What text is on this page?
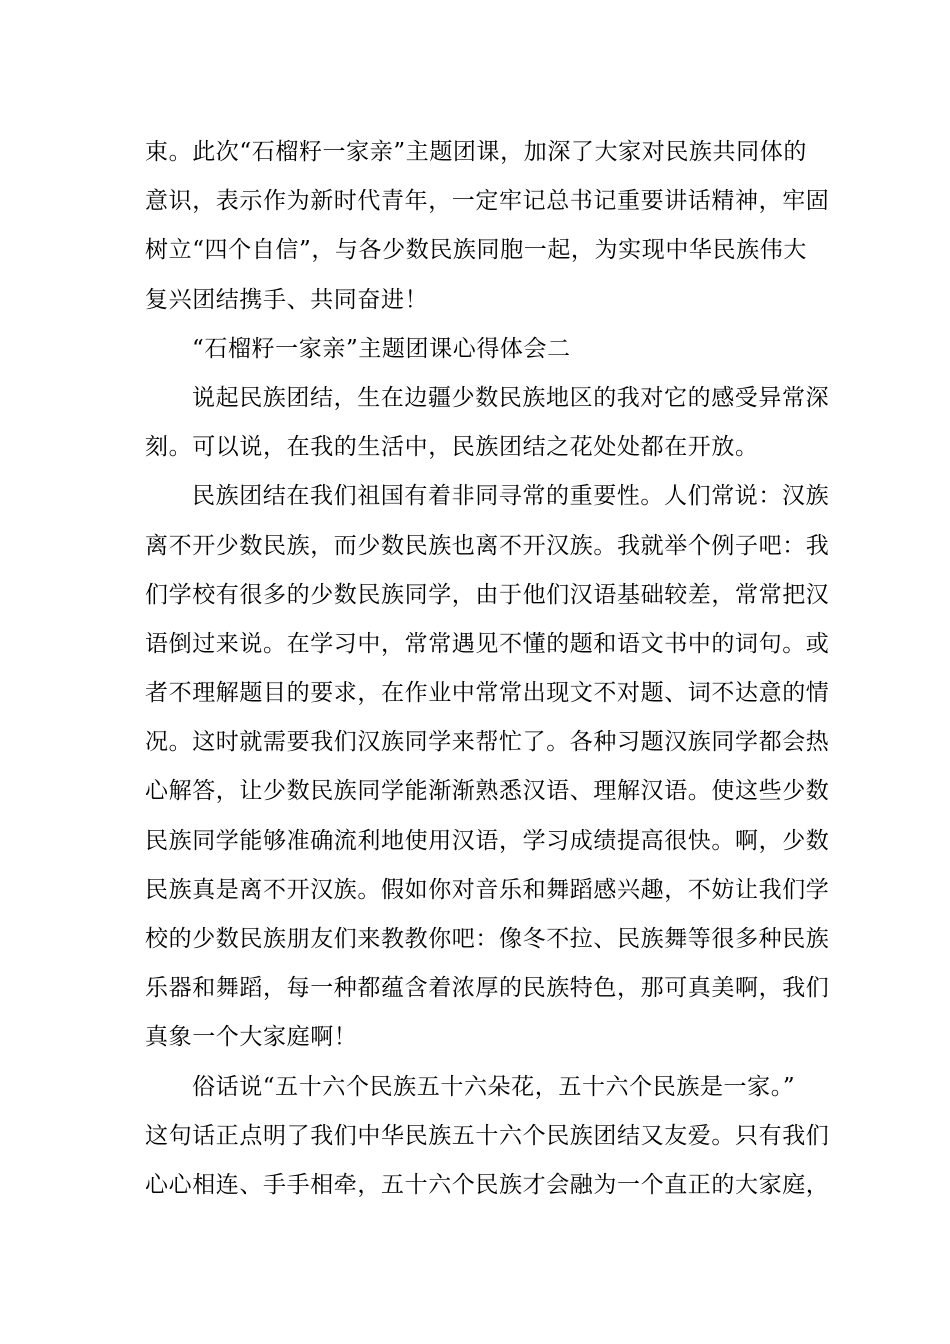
束。此次“石榴籽一家亲”主题团课，加深了大家对民族共同体的
意识，表示作为新时代青年，一定牢记总书记重要讲话精神，牢固
树立“四个自信”，与各少数民族同胞一起，为实现中华民族伟大
复兴团结携手、共同奋进！
“石榴籽一家亲”主题团课心得体会二
说起民族团结，生在边疆少数民族地区的我对它的感受异常深
刻。可以说，在我的生活中，民族团结之花处处都在开放。
民族团结在我们祖国有着非同寻常的重要性。人们常说：汉族
离不开少数民族，而少数民族也离不开汉族。我就举个例子吧：我
们学校有很多的少数民族同学，由于他们汉语基础较差，常常把汉
语倒过来说。在学习中，常常遇见不懂的题和语文书中的词句。或
者不理解题目的要求，在作业中常常出现文不对题、词不达意的情
况。这时就需要我们汉族同学来帮忙了。各种习题汉族同学都会热
心解答，让少数民族同学能渐渐熟悉汉语、理解汉语。使这些少数
民族同学能够准确流利地使用汉语，学习成绩提高很快。啊，少数
民族真是离不开汉族。假如你对音乐和舞蹈感兴趣，不妨让我们学
校的少数民族朋友们来教教你吧：像冬不拉、民族舞等很多种民族
乐器和舞蹈，每一种都蕴含着浓厚的民族特色，那可真美啊，我们
真象一个大家庭啊！
俗话说“五十六个民族五十六朵花，五十六个民族是一家。”
这句话正点明了我们中华民族五十六个民族团结又友爱。只有我们
心心相连、手手相牵，五十六个民族才会融为一个直正的大家庭，
